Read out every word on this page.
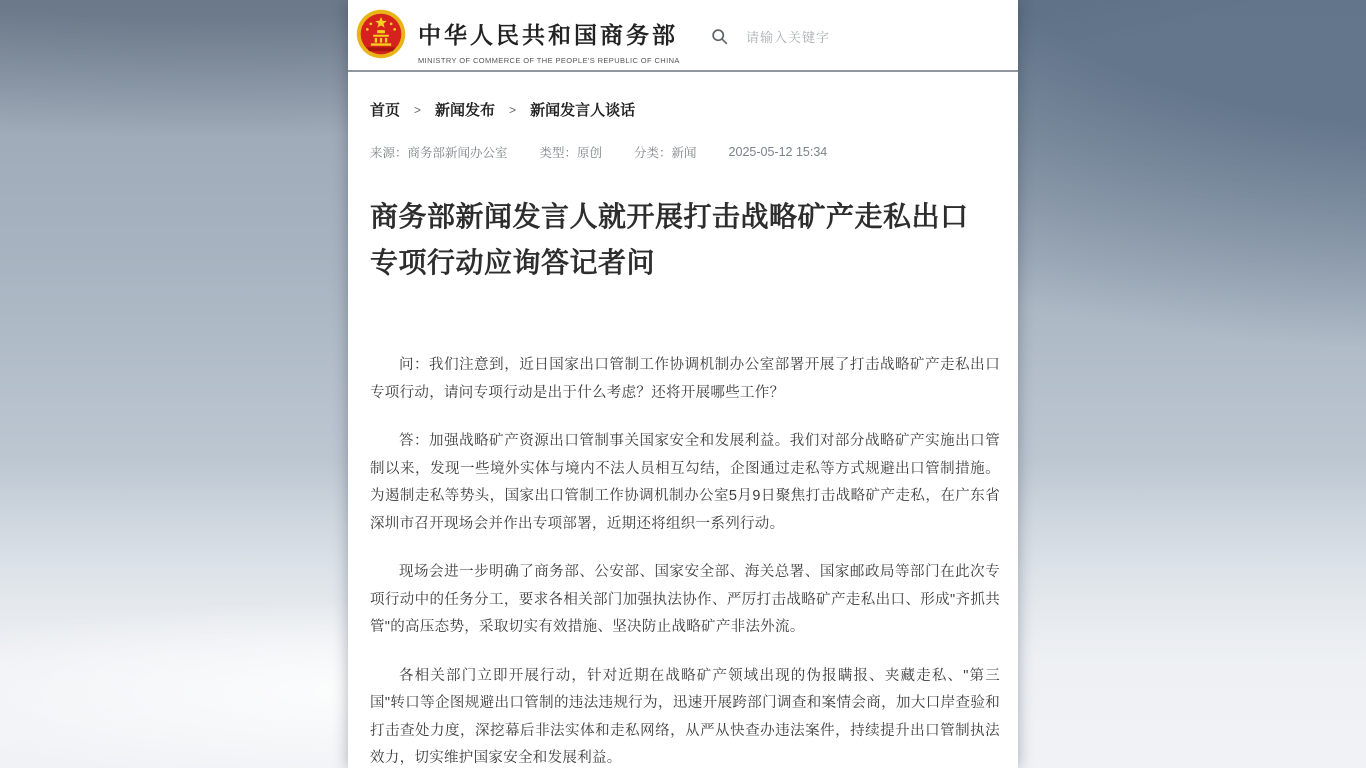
中华人民共和国商务部
MINISTRY OF COMMERCE OF THE PEOPLE'S REPUBLIC OF CHINA
请输入关键字
首页 > 新闻发布 > 新闻发言人谈话
来源：商务部新闻办公室	类型：原创	分类：新闻	2025-05-12 15:34
商务部新闻发言人就开展打击战略矿产走私出口专项行动应询答记者问

问：我们注意到，近日国家出口管制工作协调机制办公室部署开展了打击战略矿产走私出口专项行动，请问专项行动是出于什么考虑？还将开展哪些工作？

答：加强战略矿产资源出口管制事关国家安全和发展利益。我们对部分战略矿产实施出口管制以来，发现一些境外实体与境内不法人员相互勾结，企图通过走私等方式规避出口管制措施。为遏制走私等势头，国家出口管制工作协调机制办公室5月9日聚焦打击战略矿产走私，在广东省深圳市召开现场会并作出专项部署，近期还将组织一系列行动。

现场会进一步明确了商务部、公安部、国家安全部、海关总署、国家邮政局等部门在此次专项行动中的任务分工，要求各相关部门加强执法协作、严厉打击战略矿产走私出口、形成"齐抓共管"的高压态势，采取切实有效措施、坚决防止战略矿产非法外流。

各相关部门立即开展行动，针对近期在战略矿产领域出现的伪报瞒报、夹藏走私、"第三国"转口等企图规避出口管制的违法违规行为，迅速开展跨部门调查和案情会商，加大口岸查验和打击查处力度，深挖幕后非法实体和走私网络，从严从快查办违法案件，持续提升出口管制执法效力，切实维护国家安全和发展利益。
